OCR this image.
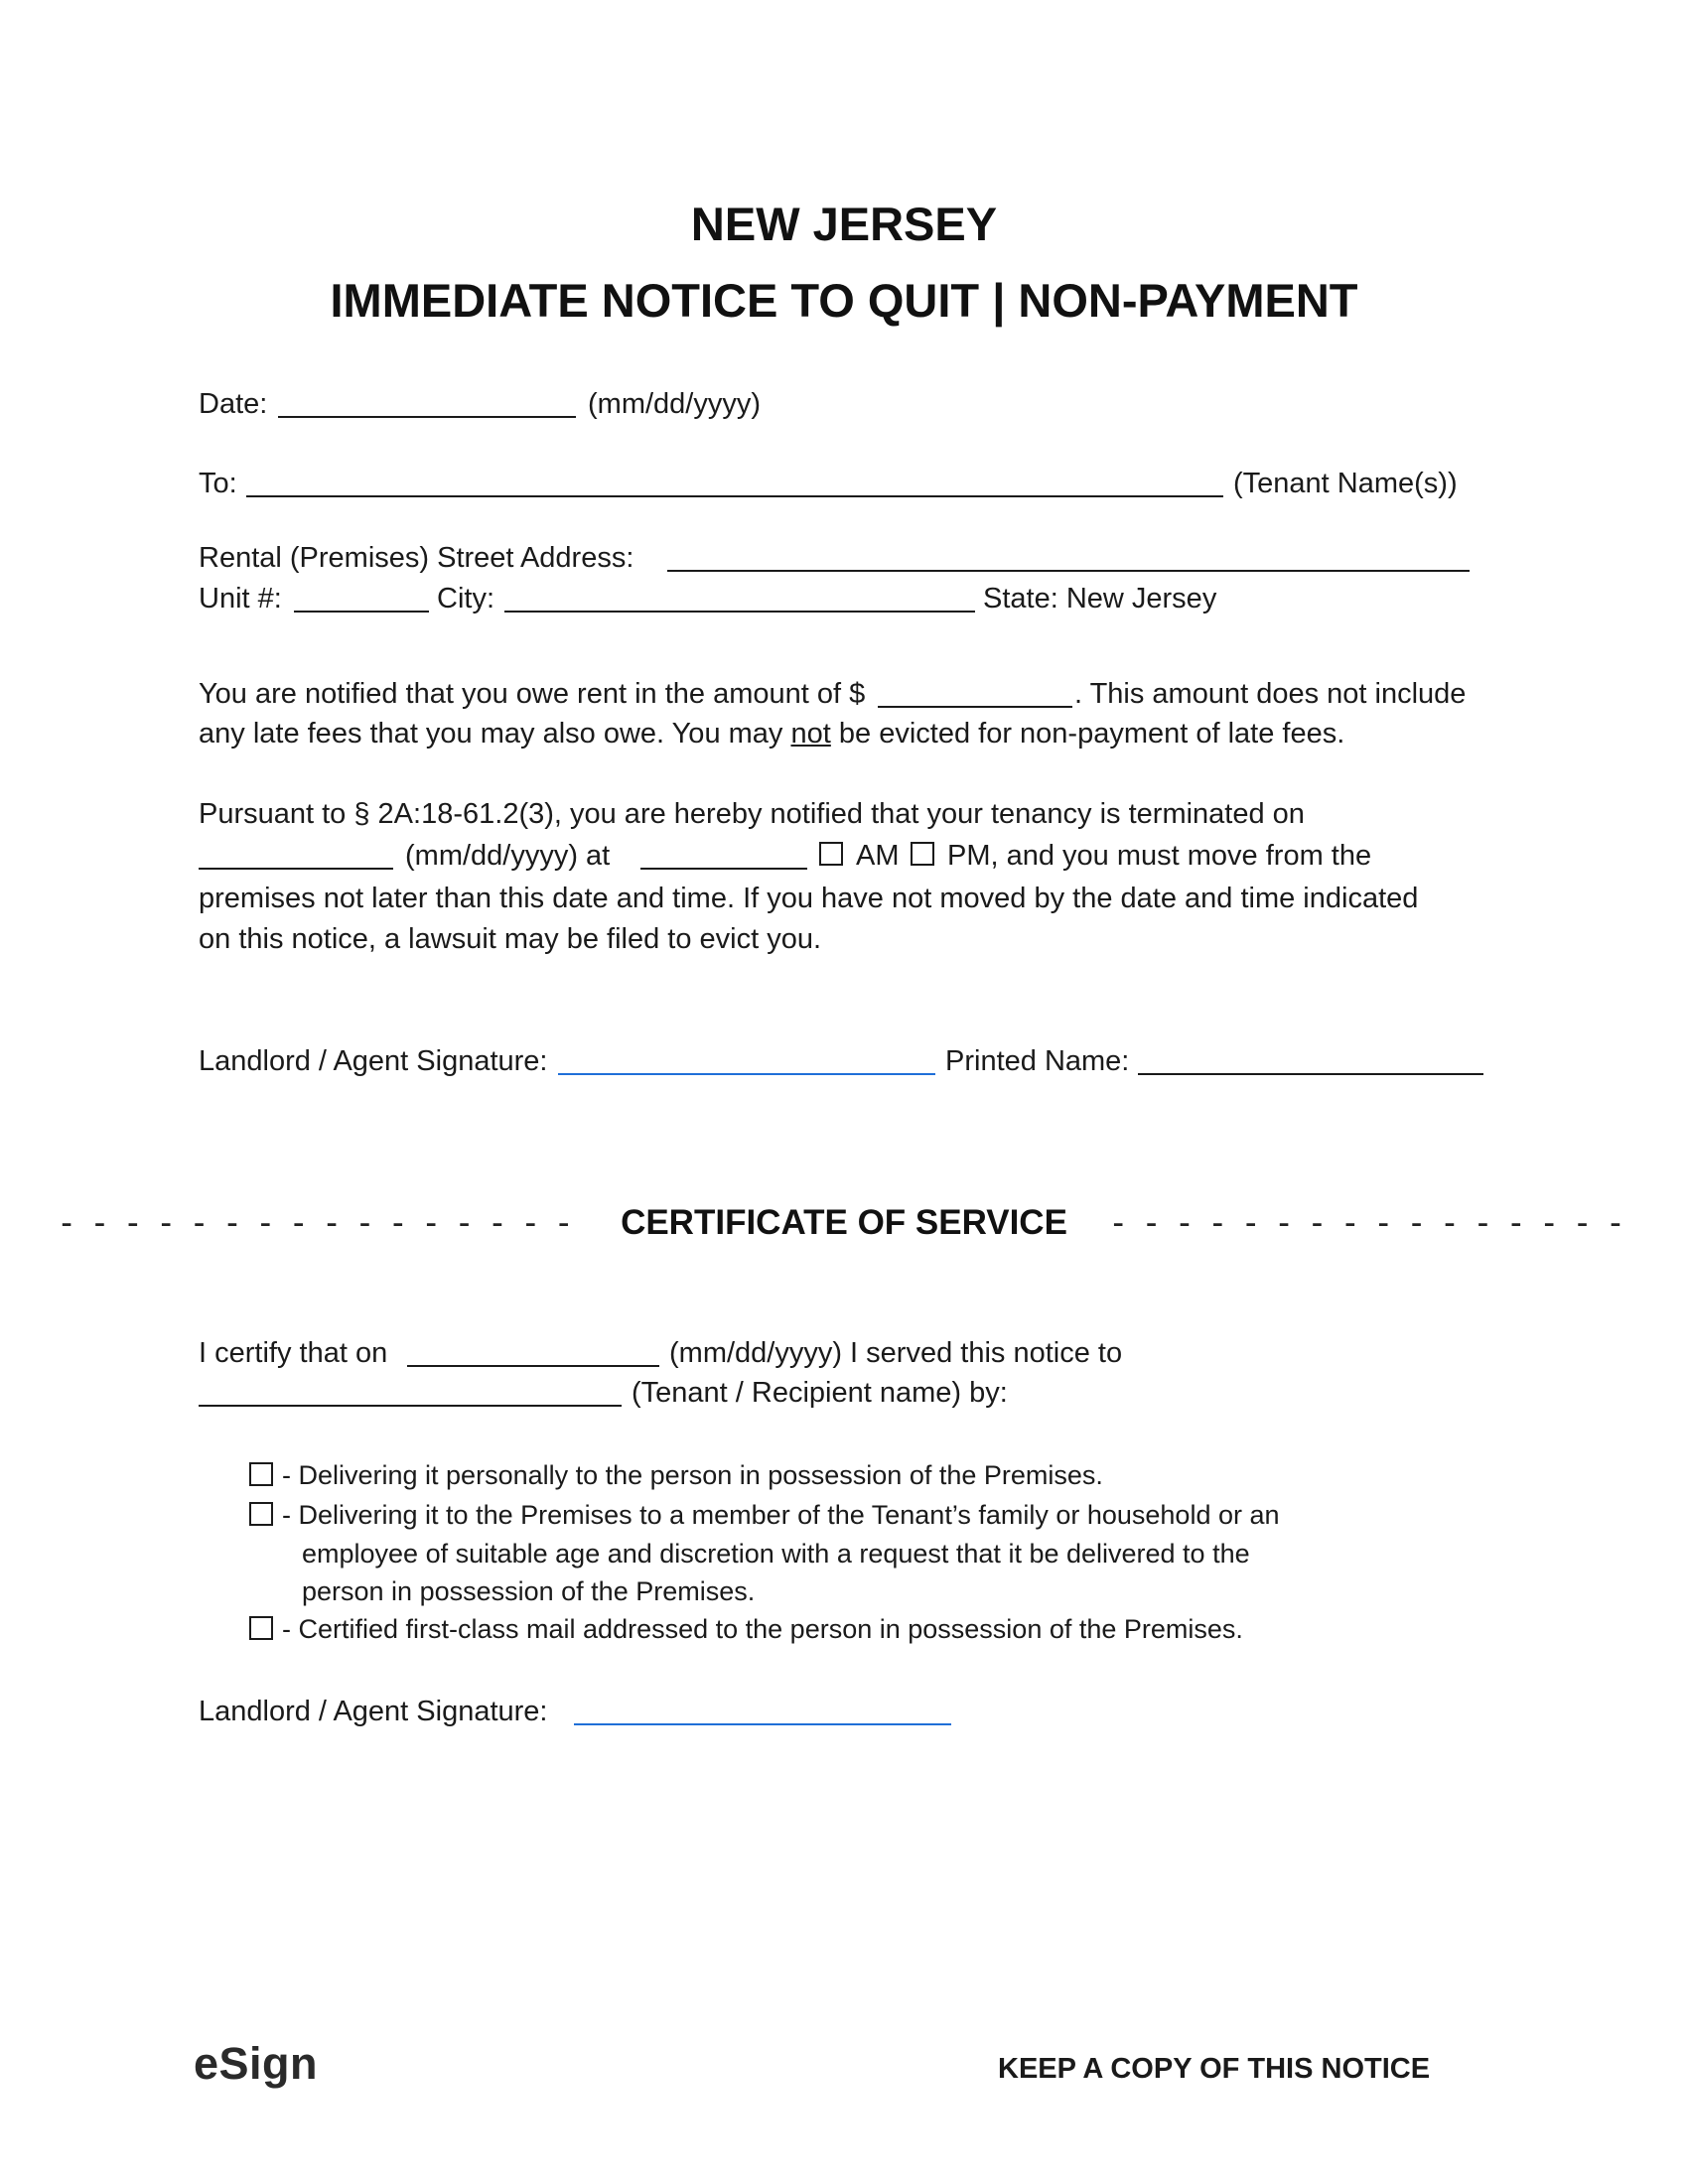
NEW JERSEY
IMMEDIATE NOTICE TO QUIT | NON-PAYMENT
Date:	(mm/dd/yyyy)
To:	(Tenant Name(s))
Rental (Premises) Street Address:
Unit #:	City:	State: New Jersey
You are notified that you owe rent in the amount of $	. This amount does not include
any late fees that you may also owe. You may not be evicted for non-payment of late fees.
Pursuant to § 2A:18-61.2(3), you are hereby notified that your tenancy is terminated on
(mm/dd/yyyy) at	AM PM, and you must move from the
premises not later than this date and time. If you have not moved by the date and time indicated
on this notice, a lawsuit may be filed to evict you.
Landlord / Agent Signature:	Printed Name:
- - - - - - - - - - - - - - - - CERTIFICATE OF SERVICE - - - - - - - - - - - - - - - -
I certify that on	(mm/dd/yyyy) I served this notice to
(Tenant / Recipient name) by:
- Delivering it personally to the person in possession of the Premises.
- Delivering it to the Premises to a member of the Tenant’s family or household or an
employee of suitable age and discretion with a request that it be delivered to the
person in possession of the Premises.
- Certified first-class mail addressed to the person in possession of the Premises.
Landlord / Agent Signature:
eSign	KEEP A COPY OF THIS NOTICE
